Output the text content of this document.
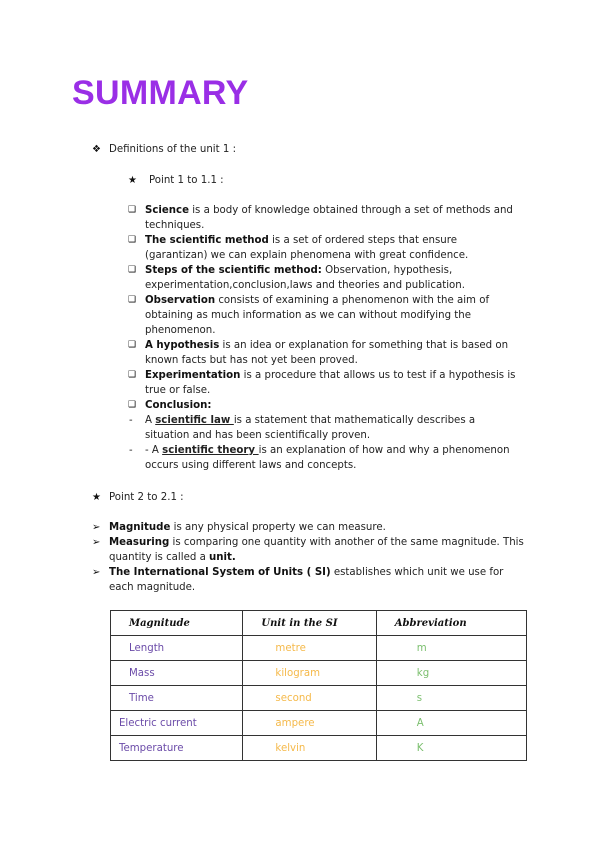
SUMMARY
❖ Definitions of the unit 1 :
★ Point 1 to 1.1 :
❑ Science is a body of knowledge obtained through a set of methods and techniques.
❑ The scientific method is a set of ordered steps that ensure (garantizan) we can explain phenomena with great confidence.
❑ Steps of the scientific method: Observation, hypothesis, experimentation,conclusion,laws and theories and publication.
❑ Observation consists of examining a phenomenon with the aim of obtaining as much information as we can without modifying the phenomenon.
❑ A hypothesis is an idea or explanation for something that is based on known facts but has not yet been proved.
❑ Experimentation is a procedure that allows us to test if a hypothesis is true or false.
❑ Conclusion:
- A scientific law is a statement that mathematically describes a situation and has been scientifically proven.
- - A scientific theory is an explanation of how and why a phenomenon occurs using different laws and concepts.
★ Point 2 to 2.1 :
➢ Magnitude is any physical property we can measure.
➢ Measuring is comparing one quantity with another of the same magnitude. This quantity is called a unit.
➢ The International System of Units ( SI) establishes which unit we use for each magnitude.
Magnitude	Unit in the SI	Abbreviation
Length	metre	m
Mass	kilogram	kg
Time	second	s
Electric current	ampere	A
Temperature	kelvin	K
